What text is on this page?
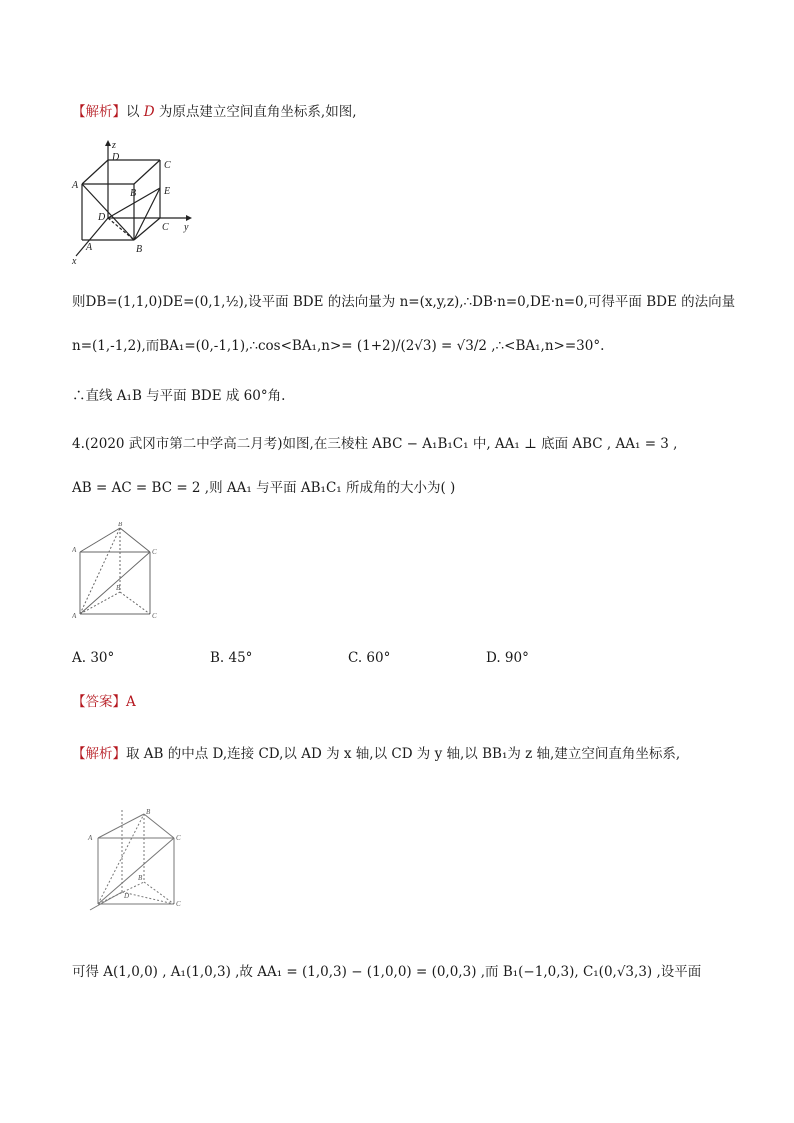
【解析】以 D 为原点建立空间直角坐标系,如图,
z
y
x
D
C
A
B	E
D
C
A	B
则DB=(1,1,0)DE=(0,1,½),设平面 BDE 的法向量为 n=(x,y,z),∴DB·n=0,DE·n=0,可得平面 BDE 的法向量
n=(1,-1,2),而BA₁=(0,-1,1),∴cos<BA₁,n>= (1+2)/(2√3) = √3/2 ,∴<BA₁,n>=30°.
∴直线 A₁B 与平面 BDE 成 60°角.
4.(2020 武冈市第二中学高二月考)如图,在三棱柱 ABC − A₁B₁C₁ 中, AA₁ ⊥ 底面 ABC , AA₁ = 3 ,
AB = AC = BC = 2 ,则 AA₁ 与平面 AB₁C₁ 所成角的大小为( )
A
B
C
A
B
C
A. 30°	B. 45°	C. 60°	D. 90°
【答案】A
【解析】取 AB 的中点 D,连接 CD,以 AD 为 x 轴,以 CD 为 y 轴,以 BB₁为 z 轴,建立空间直角坐标系,
A
B
C
B
D
C
可得 A(1,0,0) , A₁(1,0,3) ,故 AA₁ = (1,0,3) − (1,0,0) = (0,0,3) ,而 B₁(−1,0,3), C₁(0,√3,3) ,设平面
